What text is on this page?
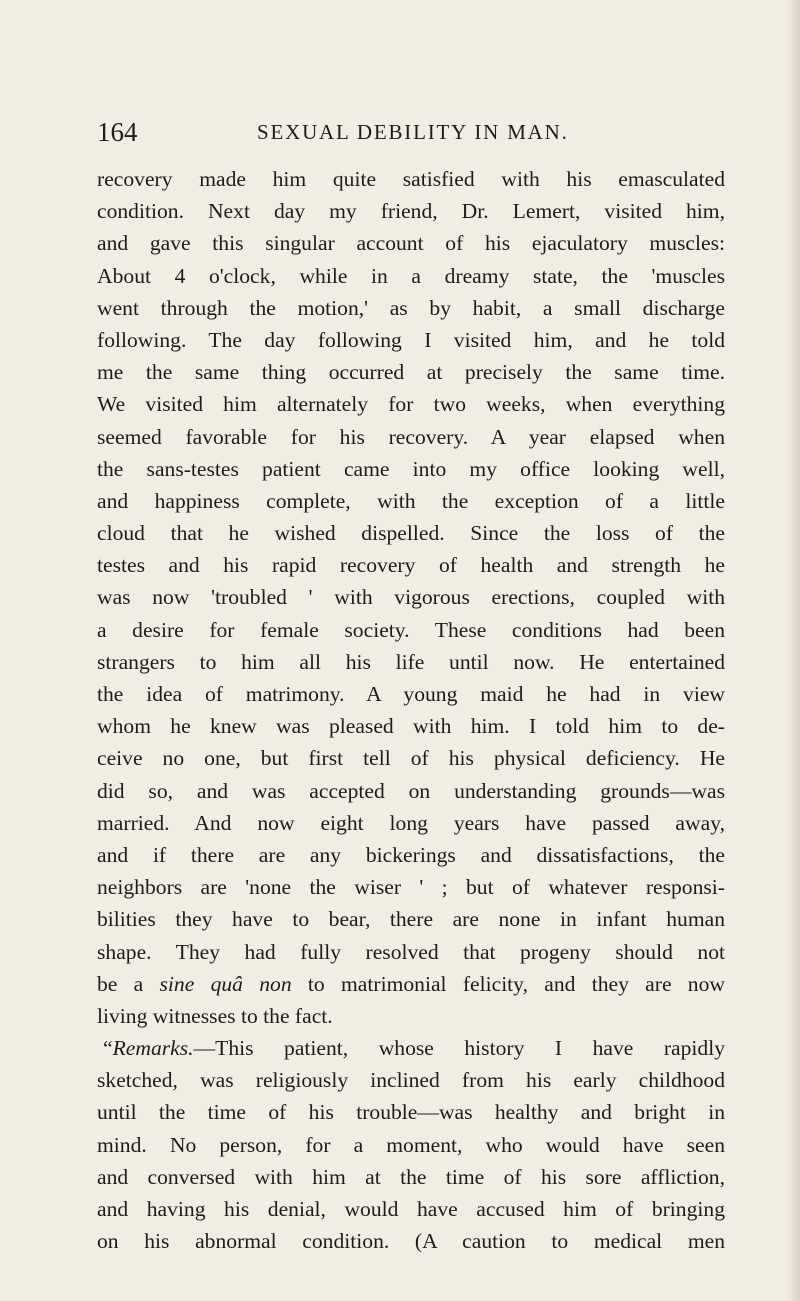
164	SEXUAL DEBILITY IN MAN.
recovery made him quite satisfied with his emasculated
condition. Next day my friend, Dr. Lemert, visited him,
and gave this singular account of his ejaculatory muscles:
About 4 o'clock, while in a dreamy state, the 'muscles
went through the motion,' as by habit, a small discharge
following. The day following I visited him, and he told
me the same thing occurred at precisely the same time.
We visited him alternately for two weeks, when everything
seemed favorable for his recovery. A year elapsed when
the sans-testes patient came into my office looking well,
and happiness complete, with the exception of a little
cloud that he wished dispelled. Since the loss of the
testes and his rapid recovery of health and strength he
was now 'troubled ' with vigorous erections, coupled with
a desire for female society. These conditions had been
strangers to him all his life until now. He entertained
the idea of matrimony. A young maid he had in view
whom he knew was pleased with him. I told him to de-
ceive no one, but first tell of his physical deficiency. He
did so, and was accepted on understanding grounds—was
married. And now eight long years have passed away,
and if there are any bickerings and dissatisfactions, the
neighbors are 'none the wiser ' ; but of whatever responsi-
bilities they have to bear, there are none in infant human
shape. They had fully resolved that progeny should not
be a sine quâ non to matrimonial felicity, and they are now
living witnesses to the fact.
“Remarks.—This patient, whose history I have rapidly
sketched, was religiously inclined from his early childhood
until the time of his trouble—was healthy and bright in
mind. No person, for a moment, who would have seen
and conversed with him at the time of his sore affliction,
and having his denial, would have accused him of bringing
on his abnormal condition. (A caution to medical men
